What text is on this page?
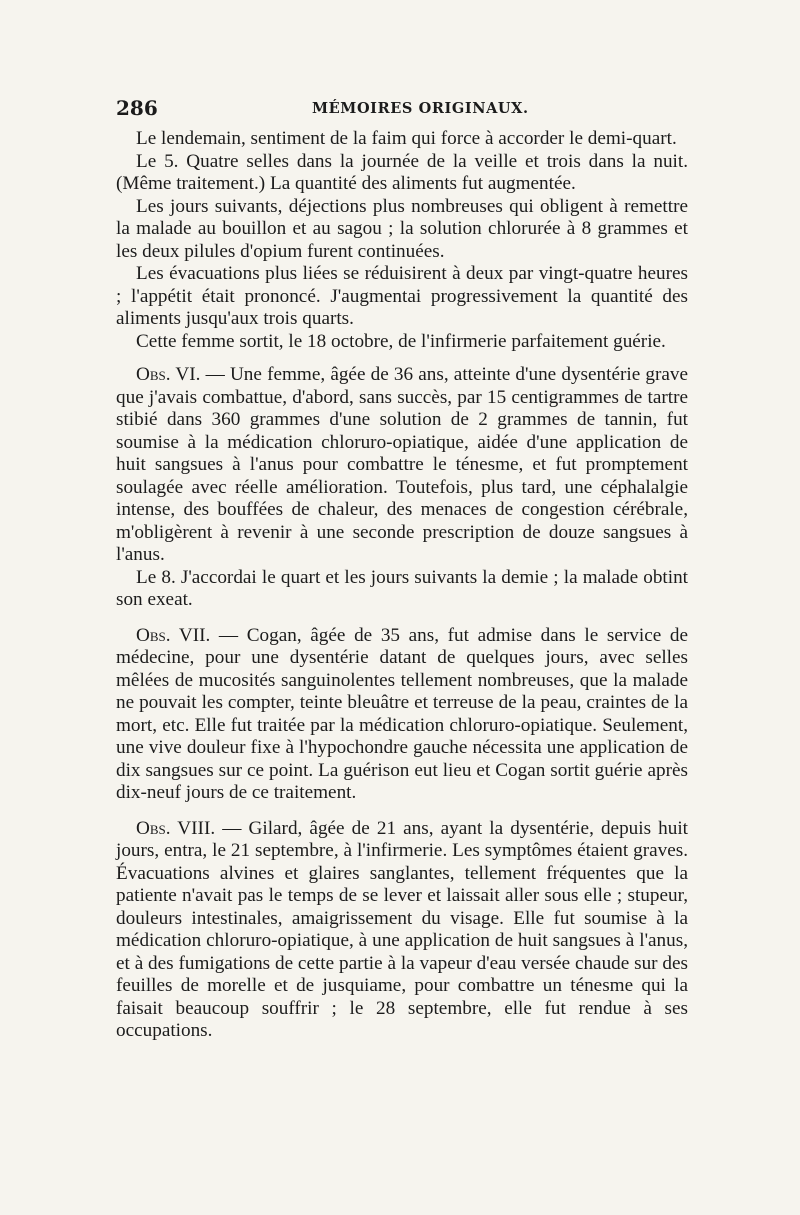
286	MÉMOIRES ORIGINAUX.

Le lendemain, sentiment de la faim qui force à accorder le demi-quart.

Le 5. Quatre selles dans la journée de la veille et trois dans la nuit. (Même traitement.) La quantité des aliments fut augmentée.

Les jours suivants, déjections plus nombreuses qui obligent à remettre la malade au bouillon et au sagou ; la solution chlorurée à 8 grammes et les deux pilules d'opium furent continuées.

Les évacuations plus liées se réduisirent à deux par vingt-quatre heures ; l'appétit était prononcé. J'augmentai progressivement la quantité des aliments jusqu'aux trois quarts.

Cette femme sortit, le 18 octobre, de l'infirmerie parfaitement guérie.

Obs. VI. — Une femme, âgée de 36 ans, atteinte d'une dysentérie grave que j'avais combattue, d'abord, sans succès, par 15 centigrammes de tartre stibié dans 360 grammes d'une solution de 2 grammes de tannin, fut soumise à la médication chloruro-opiatique, aidée d'une application de huit sangsues à l'anus pour combattre le ténesme, et fut promptement soulagée avec réelle amélioration. Toutefois, plus tard, une céphalalgie intense, des bouffées de chaleur, des menaces de congestion cérébrale, m'obligèrent à revenir à une seconde prescription de douze sangsues à l'anus.

Le 8. J'accordai le quart et les jours suivants la demie ; la malade obtint son exeat.

Obs. VII. — Cogan, âgée de 35 ans, fut admise dans le service de médecine, pour une dysentérie datant de quelques jours, avec selles mêlées de mucosités sanguinolentes tellement nombreuses, que la malade ne pouvait les compter, teinte bleuâtre et terreuse de la peau, craintes de la mort, etc. Elle fut traitée par la médication chloruro-opiatique. Seulement, une vive douleur fixe à l'hypochondre gauche nécessita une application de dix sangsues sur ce point. La guérison eut lieu et Cogan sortit guérie après dix-neuf jours de ce traitement.

Obs. VIII. — Gilard, âgée de 21 ans, ayant la dysentérie, depuis huit jours, entra, le 21 septembre, à l'infirmerie. Les symptômes étaient graves. Évacuations alvines et glaires sanglantes, tellement fréquentes que la patiente n'avait pas le temps de se lever et laissait aller sous elle ; stupeur, douleurs intestinales, amaigrissement du visage. Elle fut soumise à la médication chloruro-opiatique, à une application de huit sangsues à l'anus, et à des fumigations de cette partie à la vapeur d'eau versée chaude sur des feuilles de morelle et de jusquiame, pour combattre un ténesme qui la faisait beaucoup souffrir ; le 28 septembre, elle fut rendue à ses occupations.
